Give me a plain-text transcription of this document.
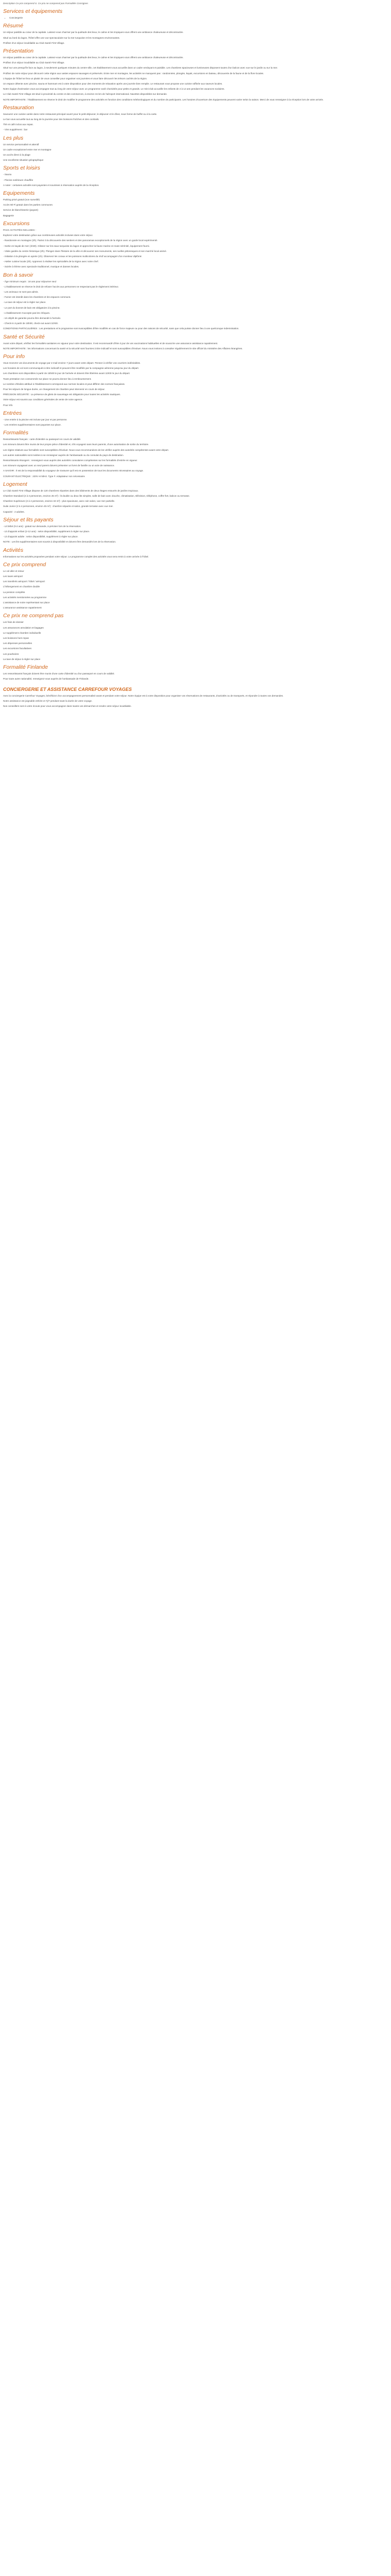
Description Ce prix comprend ci. Ce prix ne comprend pas Formalités Consignes

Services et équipements
• Conciergerie
Résumé

Un séjour paisible au cœur de la capitale. Laissez-vous charmer par la quiétude des lieux, le calme et les tropiques vous offrent une ambiance chaleureuse et décontractée.

Situé au bord du lagon, l'hôtel offre une vue spectaculaire sur la mer turquoise et les montagnes environnantes.

Profitez d'un séjour inoubliable au Club Santé First Village.

Présentation

Un séjour paisible au cœur de la capitale. Laissez-vous charmer par la quiétude des lieux, le calme et les tropiques vous offrent une ambiance chaleureuse et décontractée.

Profitez d'un séjour inoubliable au Club Santé First Village.

Situé sur une presqu'île face au lagon, à seulement quelques minutes du centre-ville, cet établissement vous accueille dans un cadre verdoyant et paisible. Les chambres spacieuses et lumineuses disposent toutes d'un balcon avec vue sur le jardin ou sur la mer.

Profitez de notre séjour pour découvrir cette région aux vastes espaces sauvages et préservés. Entre mer et montagne, les activités ne manquent pas : randonnées, plongée, kayak, excursions en bateau, découverte de la faune et de la flore locales.

L'équipe de l'hôtel se fera un plaisir de vous conseiller pour organiser vos journées et vous faire découvrir les trésors cachés de la région.

Un espace détente avec piscine, sauna et hammam est à votre disposition pour des moments de relaxation après une journée bien remplie. Le restaurant vous propose une cuisine raffinée aux saveurs locales.

Notre équipe d'animation vous accompagne tout au long de votre séjour avec un programme varié d'activités pour petits et grands. Le mini-club accueille les enfants de 4 à 12 ans pendant les vacances scolaires.

Le Club Santé First Village est situé à proximité du centre et des commerces, à environ 15 km de l'aéroport international. Navettes disponibles sur demande.

NOTE IMPORTANTE : l'établissement se réserve le droit de modifier le programme des activités en fonction des conditions météorologiques et du nombre de participants. Les horaires d'ouverture des équipements peuvent varier selon la saison. Merci de vous renseigner à la réception lors de votre arrivée.

Restauration

Savourez une cuisine variée dans notre restaurant principal ouvert pour le petit-déjeuner, le déjeuner et le dîner, sous forme de buffet ou à la carte.

Le bar vous accueille tout au long de la journée pour des boissons fraîches et des cocktails.

Thé et café inclus aux repas.

- Vins supplément : bar

Les plus

Un service personnalisé et attentif

Un cadre exceptionnel entre mer et montagne

Un accès direct à la plage

Une excellente situation géographique

Sports et loisirs

- Sauna

- Piscine extérieure chauffée

A noter : certaines activités sont payantes et soumises à réservation auprès de la réception.

Equipements

Parking privé gratuit (non surveillé)

Accès Wi-Fi gratuit dans les parties communes

Service de blanchisserie (payant)

Bagagerie

Excursions

PACK ACTIVITÉS INCLUSES :

Explorez votre destination grâce aux nombreuses activités incluses dans votre séjour.

- Randonnée en montagne (2h). Partez à la découverte des sentiers et des panoramas exceptionnels de la région avec un guide local expérimenté.

- Sortie en kayak de mer (1h30). Glissez sur les eaux turquoise du lagon et approchez la faune marine en toute sérénité, équipement fourni.

- Visite guidée du centre historique (2h). Plongez dans l'histoire de la ville et découvrez ses monuments, ses ruelles pittoresques et son marché local animé.

- Initiation à la plongée en apnée (1h). Observez les coraux et les poissons multicolores du récif accompagné d'un moniteur diplômé.

- Atelier cuisine locale (2h). Apprenez à réaliser les spécialités de la région avec notre chef.

- Soirée à thème avec spectacle traditionnel, musique et danses locales.

Bon à savoir

- Âge minimum requis : 18 ans pour séjourner seul

- L'établissement se réserve le droit de refuser l'accès aux personnes ne respectant pas le règlement intérieur.

- Les animaux ne sont pas admis.

- Fumer est interdit dans les chambres et les espaces communs.

- La taxe de séjour est à régler sur place.

- Le port du bonnet de bain est obligatoire à la piscine.

- L'établissement n'accepte pas les chèques.

- Un dépôt de garantie pourra être demandé à l'arrivée.

- Check-in à partir de 15h00, check-out avant 11h00.

CONDITIONS PARTICULIÈRES : Les prestations et le programme sont susceptibles d'être modifiés en cas de force majeure ou pour des raisons de sécurité, sans que cela puisse donner lieu à une quelconque indemnisation.

Santé et Sécurité

Avant votre départ, vérifiez les formalités sanitaires en vigueur pour votre destination. Il est recommandé d'être à jour de vos vaccinations habituelles et de souscrire une assurance assistance rapatriement.

NOTE IMPORTANTE : les informations concernant la santé et la sécurité sont fournies à titre indicatif et sont susceptibles d'évoluer. Nous vous invitons à consulter régulièrement le site officiel du ministère des Affaires étrangères.

Pour info

Vous recevrez vos documents de voyage par e-mail environ 7 jours avant votre départ. Pensez à vérifier vos courriers indésirables.

Les horaires de vol sont communiqués à titre indicatif et peuvent être modifiés par la compagnie aérienne jusqu'au jour du départ.

Les chambres sont disponibles à partir de 15h00 le jour de l'arrivée et doivent être libérées avant 11h00 le jour du départ.

Toute prestation non consommée sur place ne pourra donner lieu à remboursement.

Le nombre d'étoiles attribué à l'établissement correspond aux normes locales et peut différer des normes françaises.

Pour les séjours de longue durée, un changement de chambre peut intervenir en cours de séjour.

PRÉCISION SÉCURITÉ : La présence de gilets de sauvetage est obligatoire pour toutes les activités nautiques.

Votre séjour est soumis aux conditions générales de vente de notre agence.

Pour info

Entrées

- Une entrée à la piscine est incluse par jour et par personne.

- Les entrées supplémentaires sont payantes sur place.

Formalités

Ressortissants français : carte d'identité ou passeport en cours de validité.

Les mineurs doivent être munis de leur propre pièce d'identité et, s'ils voyagent sans leurs parents, d'une autorisation de sortie du territoire.

Les règles relatives aux formalités sont susceptibles d'évoluer. Nous vous recommandons de les vérifier auprès des autorités compétentes avant votre départ.

Les autres nationalités sont invitées à se renseigner auprès de l'ambassade ou du consulat du pays de destination.

Ressortissants étrangers : renseignez-vous auprès des autorités consulaires compétentes sur les formalités d'entrée en vigueur.

Les mineurs voyageant avec un seul parent doivent présenter un livret de famille ou un acte de naissance.

A SAVOIR : Il est de la responsabilité du voyageur de s'assurer qu'il est en possession de tous les documents nécessaires au voyage.

COURANT ÉLECTRIQUE : 220V et 50Hz. Type F. Adaptateur non nécessaire.

Logement

Le Club Santé First Village dispose de 120 chambres réparties dans des bâtiments de deux étages entourés de jardins tropicaux.

Chambre Standard (2 à 3 personnes, environ 25 m²) : lit double ou deux lits simples, salle de bain avec douche, climatisation, télévision, téléphone, coffre-fort, balcon ou terrasse.

Chambre Supérieure (2 à 4 personnes, environ 32 m²) : plus spacieuse, avec coin salon, vue mer partielle.

Suite Junior (2 à 4 personnes, environ 45 m²) : chambre séparée et salon, grande terrasse avec vue mer.

Capacité : 2 adultes.

Séjour et lits payants

- Lit bébé (0-2 ans) : gratuit sur demande, à préciser lors de la réservation.

- Lit d'appoint enfant (2-12 ans) : selon disponibilité, supplément à régler sur place.

- Lit d'appoint adulte : selon disponibilité, supplément à régler sur place.

NOTE : Les lits supplémentaires sont soumis à disponibilité et doivent être demandés lors de la réservation.

Activités

Informations sur les activités proposées pendant votre séjour. Le programme complet des activités vous sera remis à votre arrivée à l'hôtel.

Ce prix comprend

Le vol aller et retour

Les taxes aéroport

Les transferts aéroport / hôtel / aéroport

L'hébergement en chambre double

La pension complète

Les activités mentionnées au programme

L'assistance de notre représentant sur place

L'assurance assistance rapatriement

Ce prix ne comprend pas

Les frais de dossier

Les assurances annulation et bagages

Le supplément chambre individuelle

Les boissons hors repas

Les dépenses personnelles

Les excursions facultatives

Les pourboires

La taxe de séjour à régler sur place

Formalité Finlande

Les ressortissants français doivent être munis d'une carte d'identité ou d'un passeport en cours de validité.

Pour toute autre nationalité, renseignez-vous auprès de l'ambassade de Finlande.

CONCIERGERIE ET ASSISTANCE CARREFOUR VOYAGES

Avec la conciergerie Carrefour Voyages, bénéficiez d'un accompagnement personnalisé avant et pendant votre séjour. Notre équipe est à votre disposition pour organiser vos réservations de restaurants, d'activités ou de transports, et répondre à toutes vos demandes.

Notre assistance est joignable 24h/24 et 7j/7 pendant toute la durée de votre voyage.

Nos conseillers sont à votre écoute pour vous accompagner dans toutes vos démarches et rendre votre séjour inoubliable.
